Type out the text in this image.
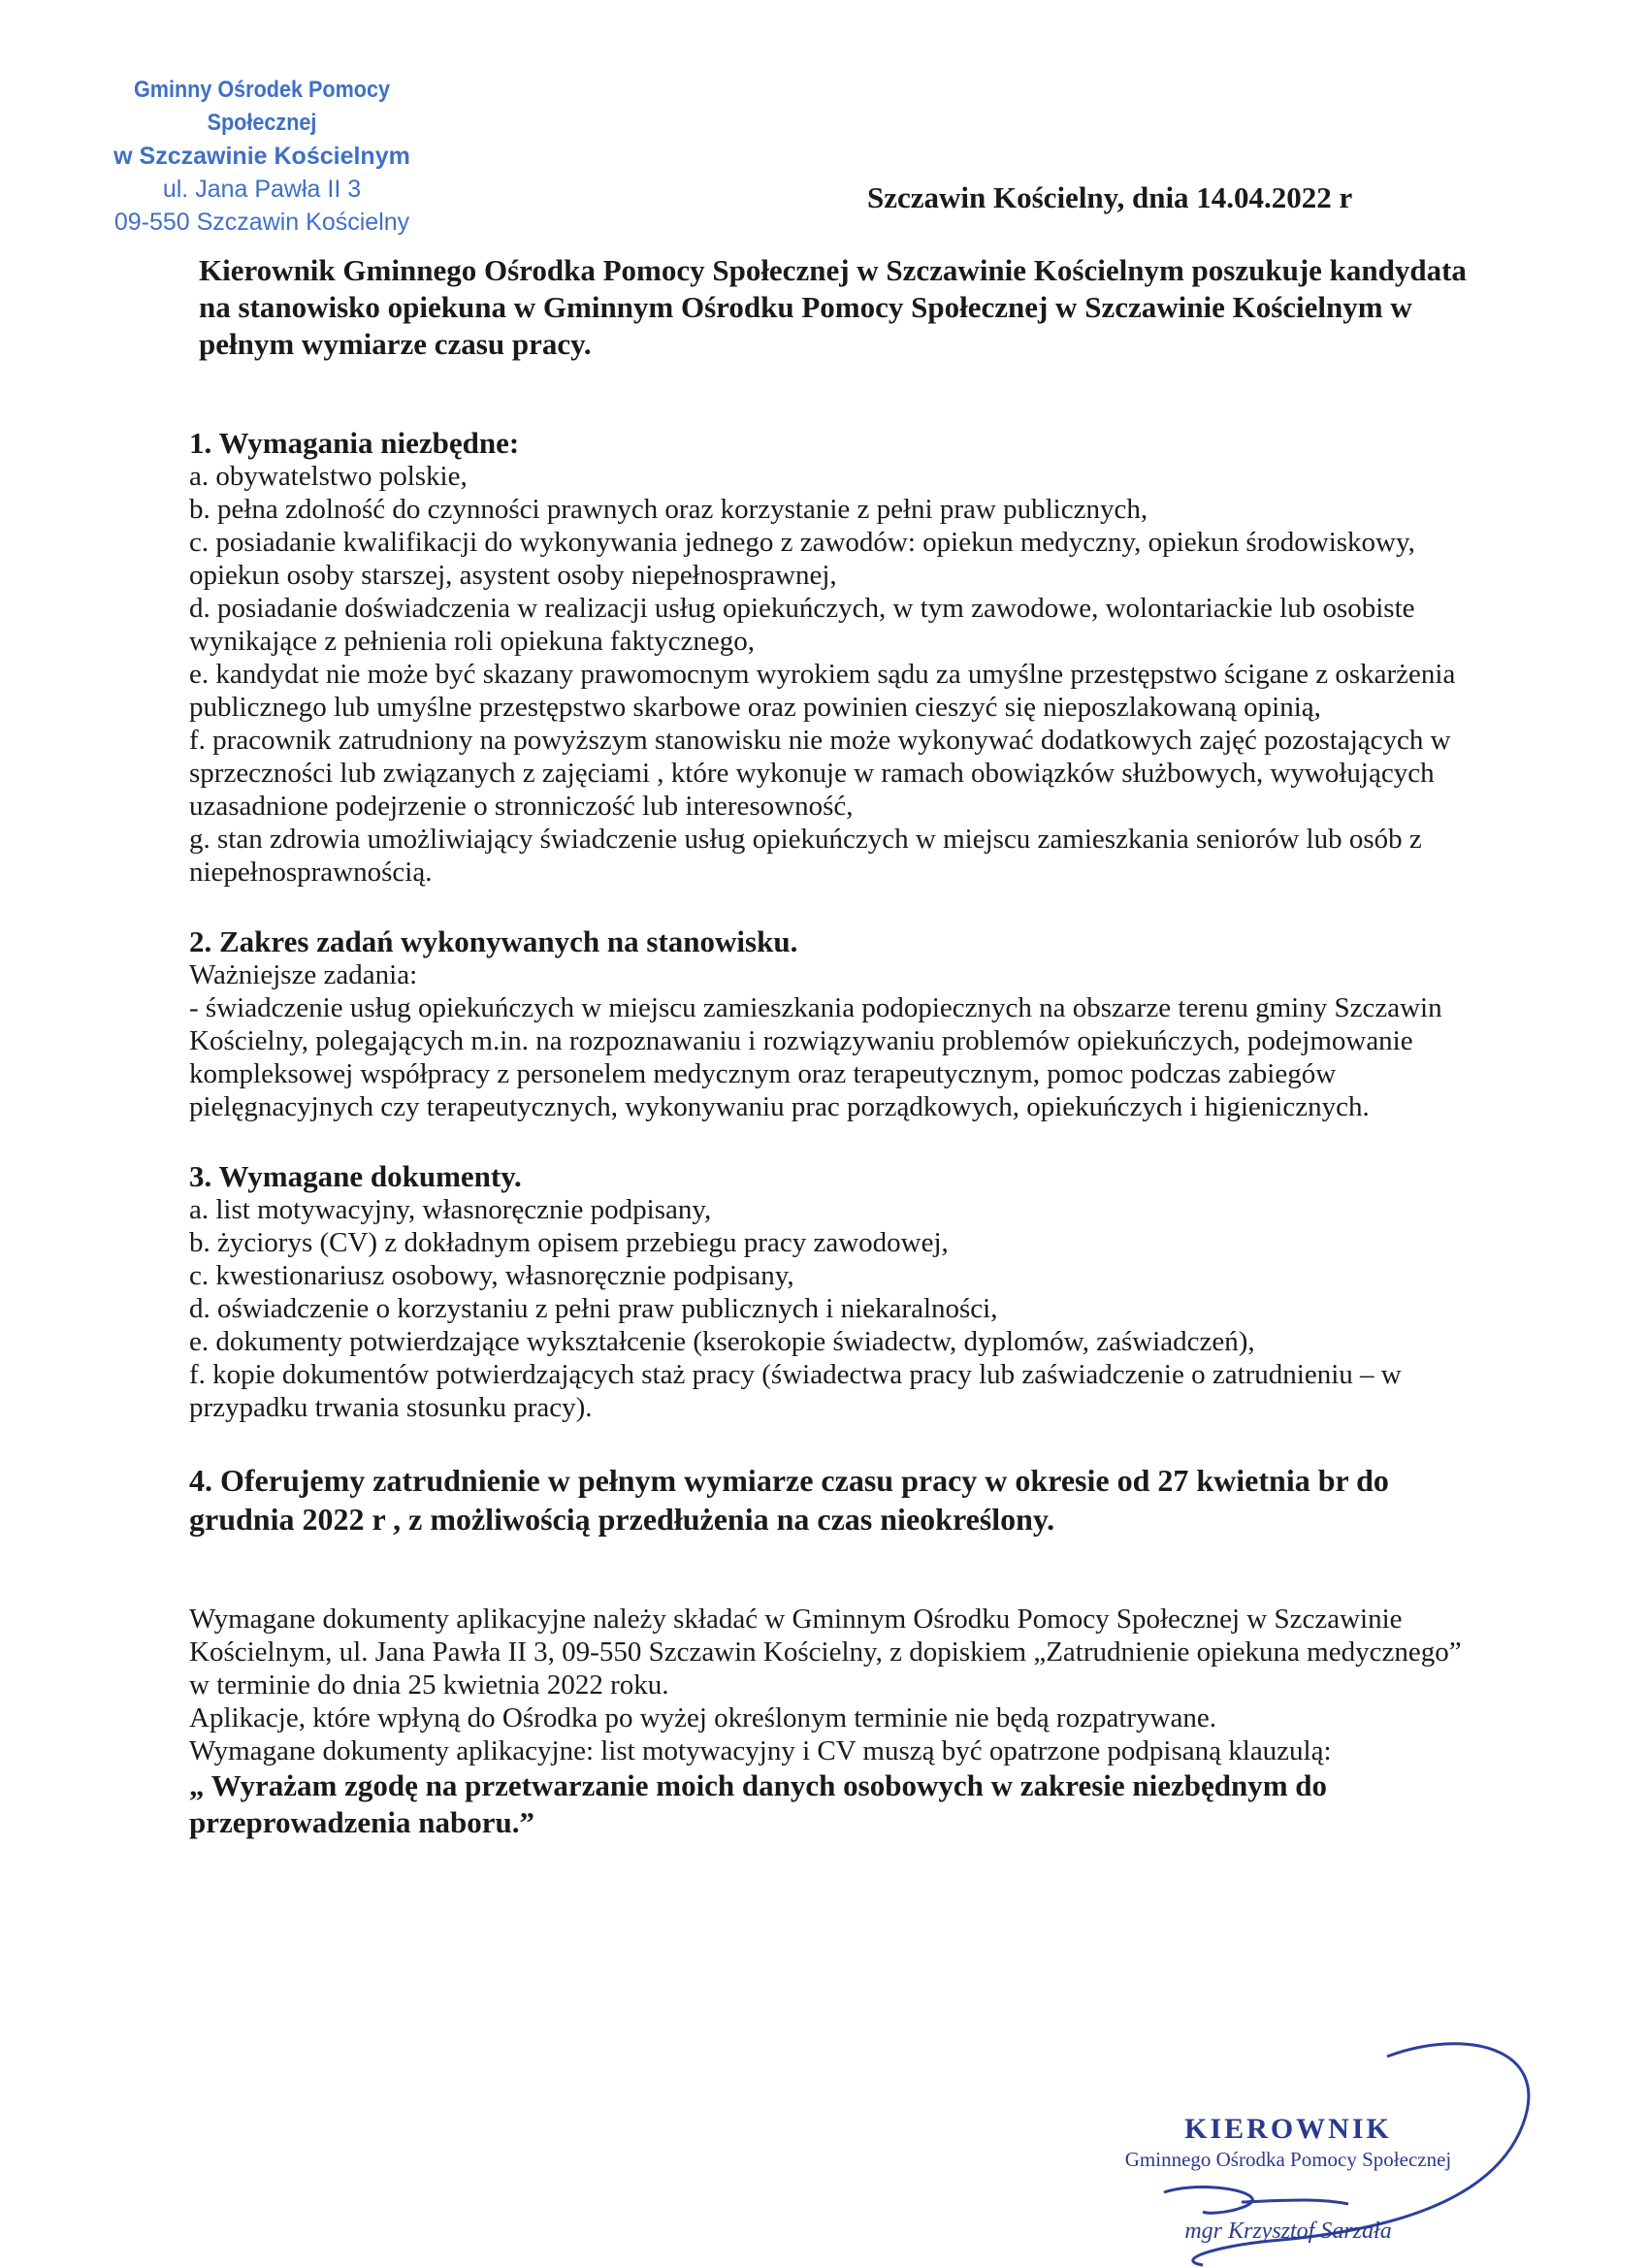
Gminny Ośrodek Pomocy Społecznej
w Szczawinie Kościelnym
ul. Jana Pawła II 3
09-550 Szczawin Kościelny
Szczawin Kościelny, dnia 14.04.2022 r
Kierownik Gminnego Ośrodka Pomocy Społecznej w Szczawinie Kościelnym poszukuje kandydata na stanowisko opiekuna w Gminnym Ośrodku Pomocy Społecznej w Szczawinie Kościelnym w pełnym wymiarze czasu pracy.

1. Wymagania niezbędne:

a. obywatelstwo polskie,

b. pełna zdolność do czynności prawnych oraz korzystanie z pełni praw publicznych,

c. posiadanie kwalifikacji do wykonywania jednego z zawodów: opiekun medyczny, opiekun środowiskowy, opiekun osoby starszej, asystent osoby niepełnosprawnej,

d. posiadanie doświadczenia w realizacji usług opiekuńczych, w tym zawodowe, wolontariackie lub osobiste wynikające z pełnienia roli opiekuna faktycznego,

e. kandydat nie może być skazany prawomocnym wyrokiem sądu za umyślne przestępstwo ścigane z oskarżenia publicznego lub umyślne przestępstwo skarbowe oraz powinien cieszyć się nieposzlakowaną opinią,

f. pracownik zatrudniony na powyższym stanowisku nie może wykonywać dodatkowych zajęć pozostających w sprzeczności lub związanych z zajęciami , które wykonuje w ramach obowiązków służbowych, wywołujących uzasadnione podejrzenie o stronniczość lub interesowność,

g. stan zdrowia umożliwiający świadczenie usług opiekuńczych w miejscu zamieszkania seniorów lub osób z niepełnosprawnością.

2. Zakres zadań wykonywanych na stanowisku.

Ważniejsze zadania:

- świadczenie usług opiekuńczych w miejscu zamieszkania podopiecznych na obszarze terenu gminy Szczawin Kościelny, polegających m.in. na rozpoznawaniu i rozwiązywaniu problemów opiekuńczych, podejmowanie kompleksowej współpracy z personelem medycznym oraz terapeutycznym, pomoc podczas zabiegów pielęgnacyjnych czy terapeutycznych, wykonywaniu prac porządkowych, opiekuńczych i higienicznych.

3. Wymagane dokumenty.

a. list motywacyjny, własnoręcznie podpisany,

b. życiorys (CV) z dokładnym opisem przebiegu pracy zawodowej,

c. kwestionariusz osobowy, własnoręcznie podpisany,

d. oświadczenie o korzystaniu z pełni praw publicznych i niekaralności,

e. dokumenty potwierdzające wykształcenie (kserokopie świadectw, dyplomów, zaświadczeń),

f. kopie dokumentów potwierdzających staż pracy (świadectwa pracy lub zaświadczenie o zatrudnieniu – w przypadku trwania stosunku pracy).

4. Oferujemy zatrudnienie w pełnym wymiarze czasu pracy w okresie od 27 kwietnia br do grudnia 2022 r , z możliwością przedłużenia na czas nieokreślony.

Wymagane dokumenty aplikacyjne należy składać w Gminnym Ośrodku Pomocy Społecznej w Szczawinie Kościelnym, ul. Jana Pawła II 3, 09-550 Szczawin Kościelny, z dopiskiem „Zatrudnienie opiekuna medycznego” w terminie do dnia 25 kwietnia 2022 roku.

Aplikacje, które wpłyną do Ośrodka po wyżej określonym terminie nie będą rozpatrywane.

Wymagane dokumenty aplikacyjne: list motywacyjny i CV muszą być opatrzone podpisaną klauzulą:

„ Wyrażam zgodę na przetwarzanie moich danych osobowych w zakresie niezbędnym do przeprowadzenia naboru.”

KIEROWNIK
Gminnego Ośrodka Pomocy Społecznej
mgr Krzysztof Sarzała
